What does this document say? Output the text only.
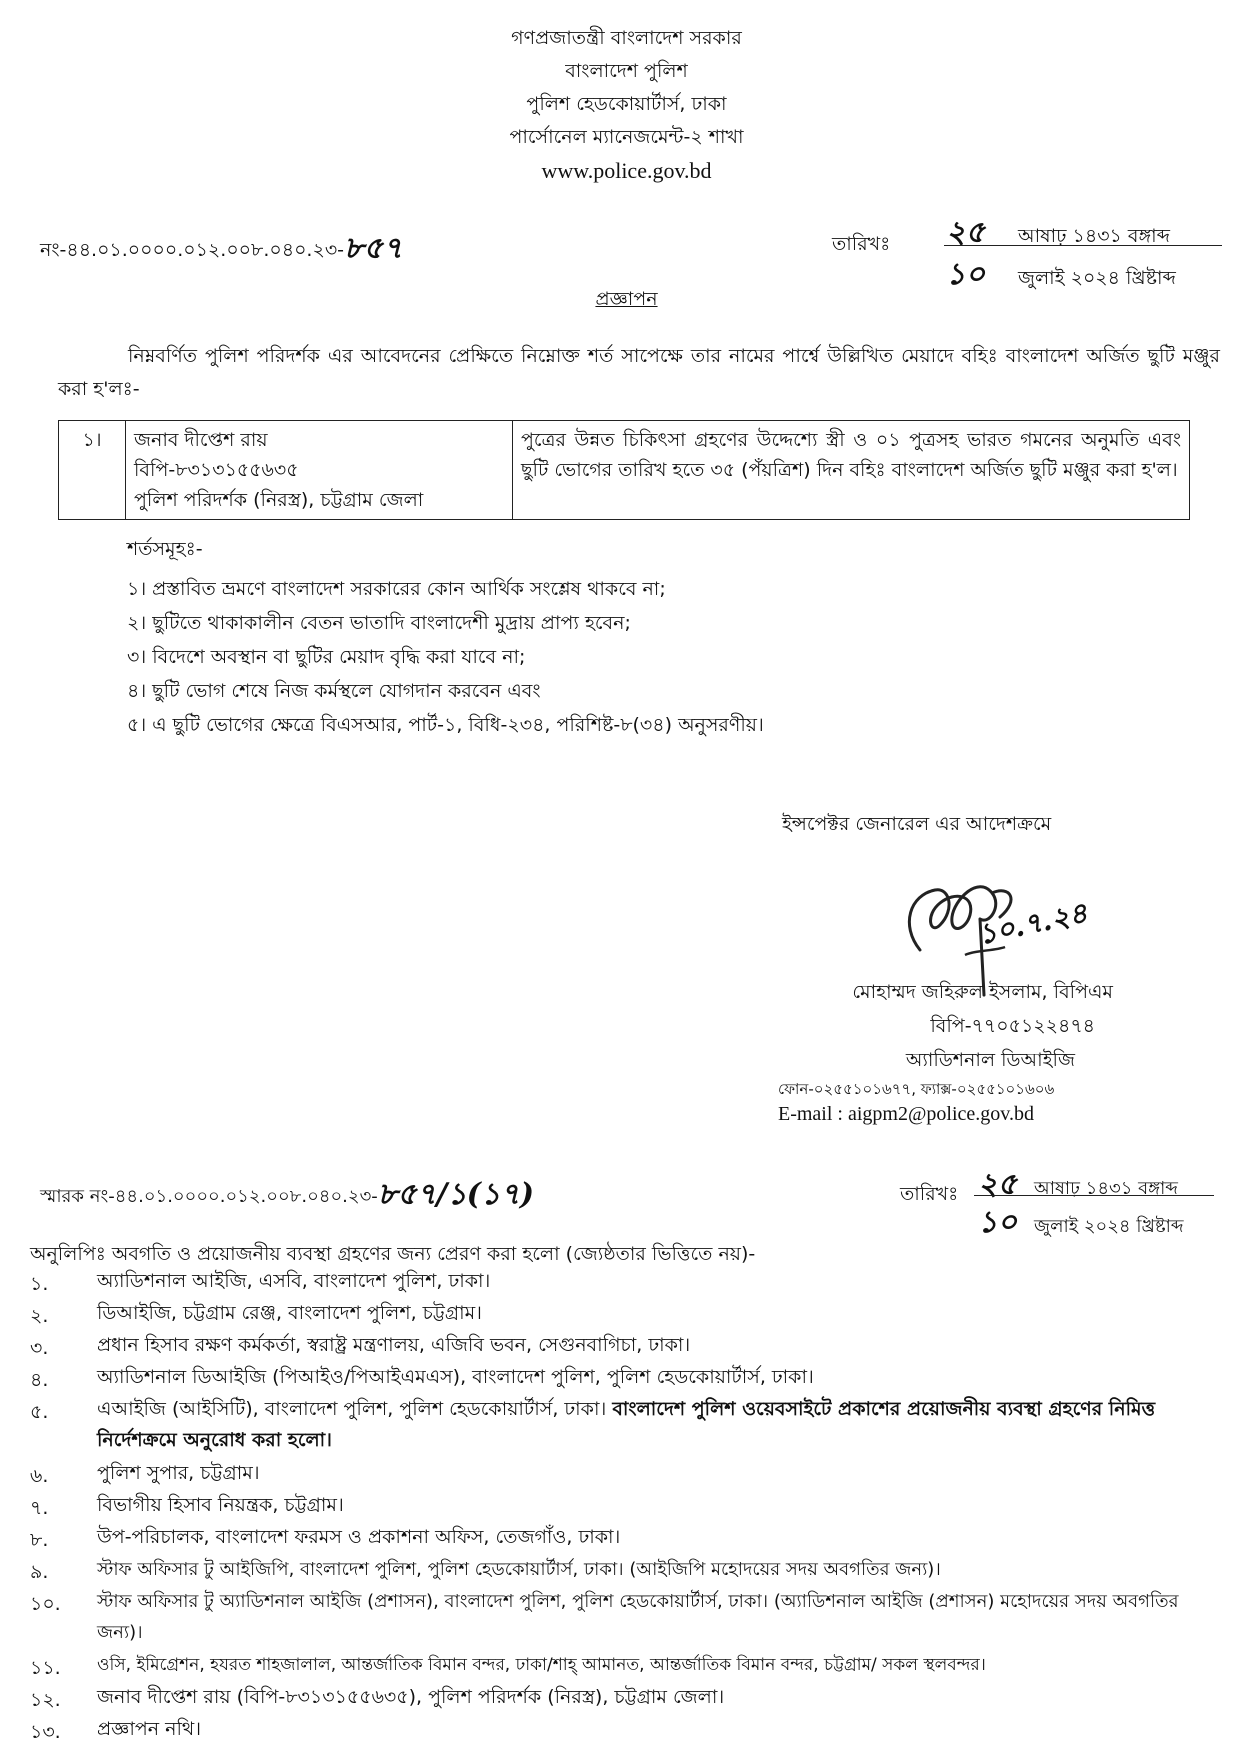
গণপ্রজাতন্ত্রী বাংলাদেশ সরকার
বাংলাদেশ পুলিশ
পুলিশ হেডকোয়ার্টার্স, ঢাকা
পার্সোনেল ম্যানেজমেন্ট-২ শাখা
www.police.gov.bd
নং-৪৪.০১.০০০০.০১২.০০৮.০৪০.২৩-৮৫৭	তারিখঃ ২৫ আষাঢ় ১৪৩১ বঙ্গাব্দ
১০ জুলাই ২০২৪ খ্রিষ্টাব্দ
প্রজ্ঞাপন
নিম্নবর্ণিত পুলিশ পরিদর্শক এর আবেদনের প্রেক্ষিতে নিম্নোক্ত শর্ত সাপেক্ষে তার নামের পার্শ্বে উল্লিখিত মেয়াদে বহিঃ বাংলাদেশ অর্জিত ছুটি মঞ্জুর করা হ'লঃ-
১।	জনাব দীপ্তেশ রায়
বিপি-৮৩১৩১৫৫৬৩৫
পুলিশ পরিদর্শক (নিরস্ত্র), চট্টগ্রাম জেলা
	পুত্রের উন্নত চিকিৎসা গ্রহণের উদ্দেশ্যে স্ত্রী ও ০১ পুত্রসহ ভারত গমনের অনুমতি এবং ছুটি ভোগের তারিখ হতে ৩৫ (পঁয়ত্রিশ) দিন বহিঃ বাংলাদেশ অর্জিত ছুটি মঞ্জুর করা হ'ল।
শর্তসমূহঃ-
১। প্রস্তাবিত ভ্রমণে বাংলাদেশ সরকারের কোন আর্থিক সংশ্লেষ থাকবে না;
২। ছুটিতে থাকাকালীন বেতন ভাতাদি বাংলাদেশী মুদ্রায় প্রাপ্য হবেন;
৩। বিদেশে অবস্থান বা ছুটির মেয়াদ বৃদ্ধি করা যাবে না;
৪। ছুটি ভোগ শেষে নিজ কর্মস্থলে যোগদান করবেন এবং
৫। এ ছুটি ভোগের ক্ষেত্রে বিএসআর, পার্ট-১, বিধি-২৩৪, পরিশিষ্ট-৮(৩৪) অনুসরণীয়।
ইন্সপেক্টর জেনারেল এর আদেশক্রমে
১০.৭.২৪
মোহাম্মদ জহিরুল ইসলাম, বিপিএম
বিপি-৭৭০৫১২২৪৭৪
অ্যাডিশনাল ডিআইজি
ফোন-০২৫৫১০১৬৭৭, ফ্যাক্স-০২৫৫১০১৬০৬
E-mail : aigpm2@police.gov.bd
স্মারক নং-৪৪.০১.০০০০.০১২.০০৮.০৪০.২৩-৮৫৭/১(১৭)	তারিখঃ ২৫ আষাঢ় ১৪৩১ বঙ্গাব্দ
১০ জুলাই ২০২৪ খ্রিষ্টাব্দ
অনুলিপিঃ অবগতি ও প্রয়োজনীয় ব্যবস্থা গ্রহণের জন্য প্রেরণ করা হলো (জ্যেষ্ঠতার ভিত্তিতে নয়)-
১.	অ্যাডিশনাল আইজি, এসবি, বাংলাদেশ পুলিশ, ঢাকা।
২.	ডিআইজি, চট্টগ্রাম রেঞ্জ, বাংলাদেশ পুলিশ, চট্টগ্রাম।
৩.	প্রধান হিসাব রক্ষণ কর্মকর্তা, স্বরাষ্ট্র মন্ত্রণালয়, এজিবি ভবন, সেগুনবাগিচা, ঢাকা।
৪.	অ্যাডিশনাল ডিআইজি (পিআইও/পিআইএমএস), বাংলাদেশ পুলিশ, পুলিশ হেডকোয়ার্টার্স, ঢাকা।
৫.	এআইজি (আইসিটি), বাংলাদেশ পুলিশ, পুলিশ হেডকোয়ার্টার্স, ঢাকা। বাংলাদেশ পুলিশ ওয়েবসাইটে প্রকাশের প্রয়োজনীয় ব্যবস্থা গ্রহণের নিমিত্ত নির্দেশক্রমে অনুরোধ করা হলো।
৬.	পুলিশ সুপার, চট্টগ্রাম।
৭.	বিভাগীয় হিসাব নিয়ন্ত্রক, চট্টগ্রাম।
৮.	উপ-পরিচালক, বাংলাদেশ ফরমস ও প্রকাশনা অফিস, তেজগাঁও, ঢাকা।
৯.	স্টাফ অফিসার টু আইজিপি, বাংলাদেশ পুলিশ, পুলিশ হেডকোয়ার্টার্স, ঢাকা। (আইজিপি মহোদয়ের সদয় অবগতির জন্য)।
১০.	স্টাফ অফিসার টু অ্যাডিশনাল আইজি (প্রশাসন), বাংলাদেশ পুলিশ, পুলিশ হেডকোয়ার্টার্স, ঢাকা। (অ্যাডিশনাল আইজি (প্রশাসন) মহোদয়ের সদয় অবগতির জন্য)।
১১.	ওসি, ইমিগ্রেশন, হযরত শাহজালাল, আন্তর্জাতিক বিমান বন্দর, ঢাকা/শাহ্‌ আমানত, আন্তর্জাতিক বিমান বন্দর, চট্টগ্রাম/ সকল স্থলবন্দর।
১২.	জনাব দীপ্তেশ রায় (বিপি-৮৩১৩১৫৫৬৩৫), পুলিশ পরিদর্শক (নিরস্ত্র), চট্টগ্রাম জেলা।
১৩.	প্রজ্ঞাপন নথি।
